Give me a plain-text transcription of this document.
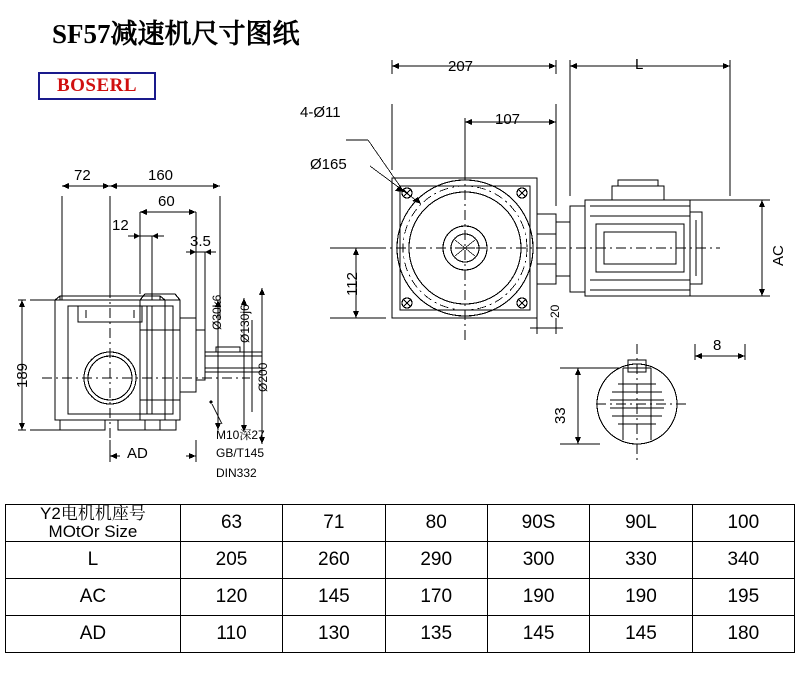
SF57减速机尺寸图纸
BOSERL
207	L
4-Ø11	107
Ø165
112
20
AC
72	160
60
12
3.5
189
Ø30k6 Ø130j6
Ø200
AD
M10深27
GB/T145
DIN332
8
33
Y2电机机座号
MOtOr Size	63	71	80	90S	90L	100
L	205	260	290	300	330	340
AC	120	145	170	190	190	195
AD	110	130	135	145	145	180
